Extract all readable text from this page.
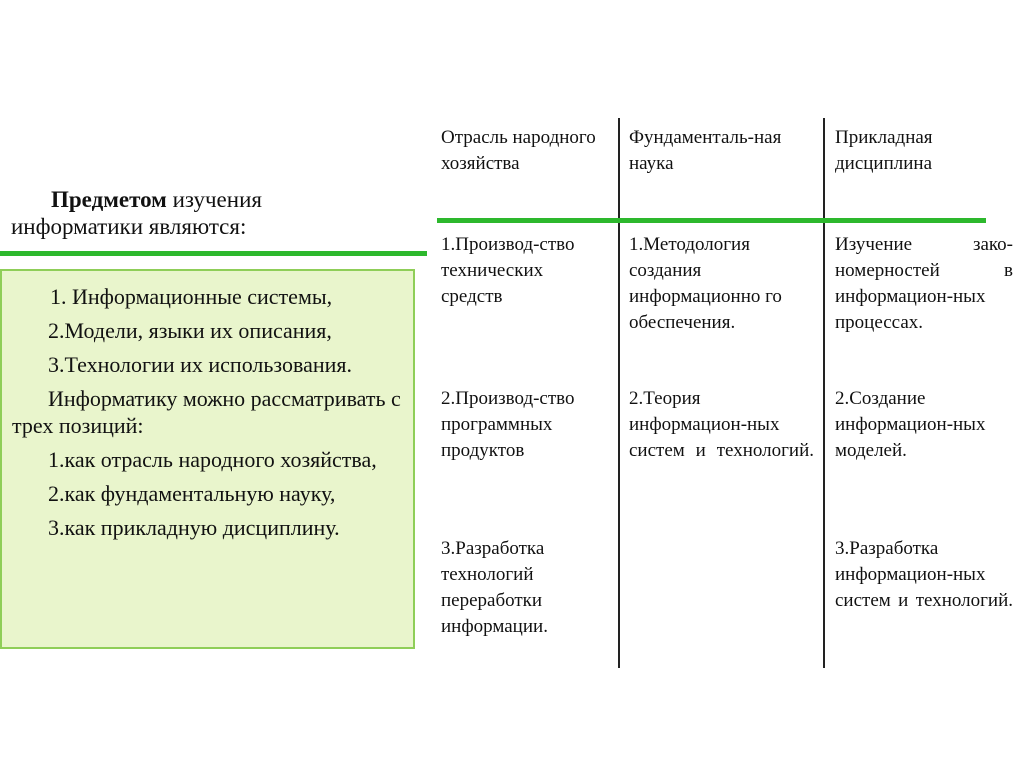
Предметом изучения
информатики являются:

1. Информационные системы,

2.Модели, языки их описания,

3.Технологии их использования.

Информатику можно рассматривать с трех позиций:

1.как отрасль народного хозяйства,

2.как фундаментальную науку,

3.как прикладную дисциплину.

Отрасль народного хозяйства
Фундаменталь-ная наука
Прикладная дисциплина
1.Производ-ство технических средств
2.Производ-ство программных продуктов
3.Разработка технологий переработки информации.
1.Методология создания информационно го обеспечения.
2.Теория информацион-ных систем и технологий.
Изучение зако-номерностей в информацион-ных процессах.
2.Создание информацион-ных моделей.
3.Разработка информацион-ных систем и технологий.
